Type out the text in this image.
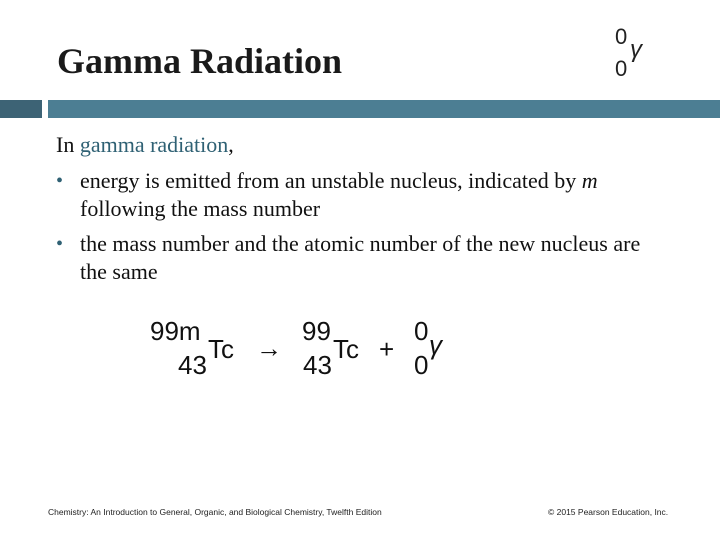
Gamma Radiation
0
0
γ
In gamma radiation,
• energy is emitted from an unstable nucleus, indicated by m following the mass number
• the mass number and the atomic number of the new nucleus are the same
99m
43
Tc →
99
43
Tc +
0
0
γ
Chemistry: An Introduction to General, Organic, and Biological Chemistry, Twelfth Edition	© 2015 Pearson Education, Inc.
